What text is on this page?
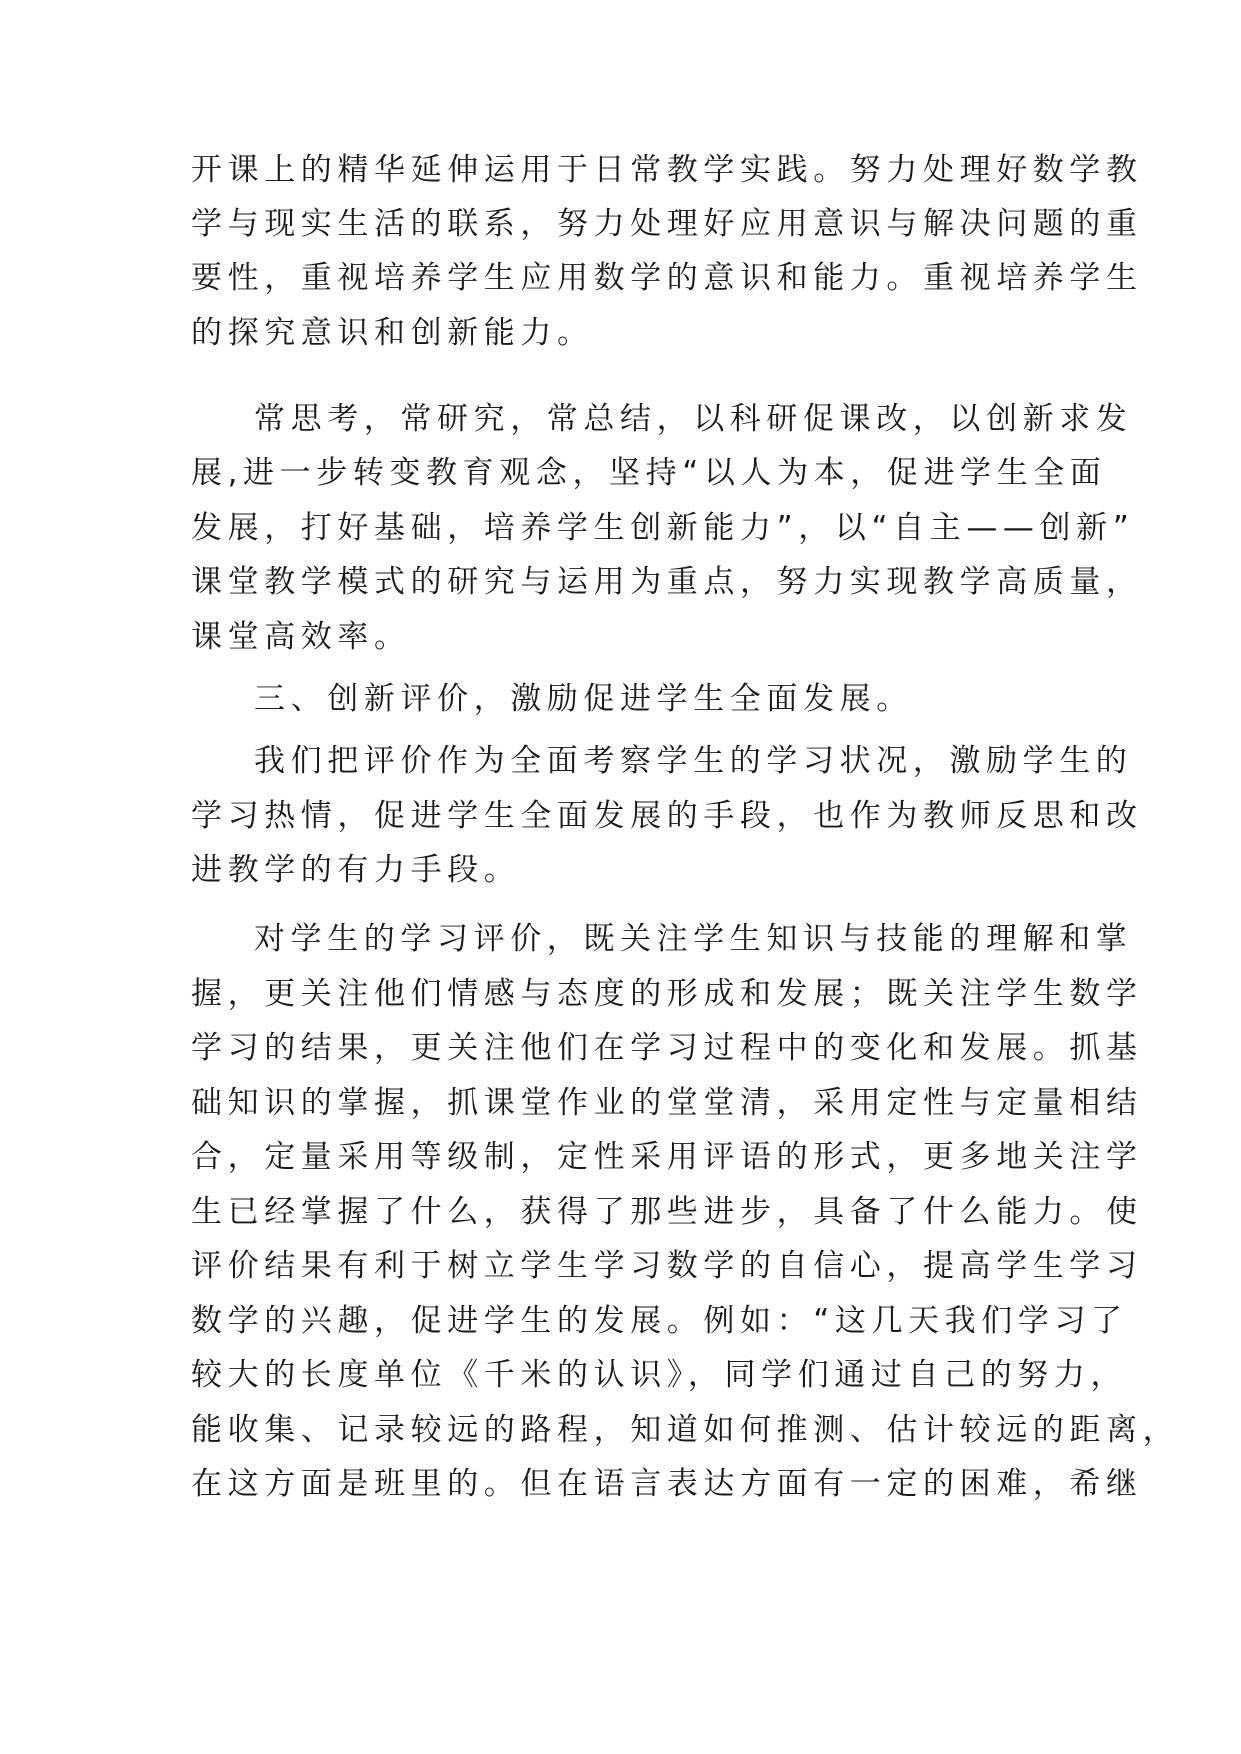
开课上的精华延伸运用于日常教学实践。努力处理好数学教
学与现实生活的联系，努力处理好应用意识与解决问题的重
要性，重视培养学生应用数学的意识和能力。重视培养学生
的探究意识和创新能力。
常思考，常研究，常总结，以科研促课改，以创新求发
展,进一步转变教育观念，坚持“以人为本，促进学生全面
发展，打好基础，培养学生创新能力”，以“自主——创新”
课堂教学模式的研究与运用为重点，努力实现教学高质量，
课堂高效率。
三、创新评价，激励促进学生全面发展。
我们把评价作为全面考察学生的学习状况，激励学生的
学习热情，促进学生全面发展的手段，也作为教师反思和改
进教学的有力手段。
对学生的学习评价，既关注学生知识与技能的理解和掌
握，更关注他们情感与态度的形成和发展；既关注学生数学
学习的结果，更关注他们在学习过程中的变化和发展。抓基
础知识的掌握，抓课堂作业的堂堂清，采用定性与定量相结
合，定量采用等级制，定性采用评语的形式，更多地关注学
生已经掌握了什么，获得了那些进步，具备了什么能力。使
评价结果有利于树立学生学习数学的自信心，提高学生学习
数学的兴趣，促进学生的发展。例如：“这几天我们学习了
较大的长度单位《千米的认识》，同学们通过自己的努力，
能收集、记录较远的路程，知道如何推测、估计较远的距离，
在这方面是班里的。但在语言表达方面有一定的困难，希继
